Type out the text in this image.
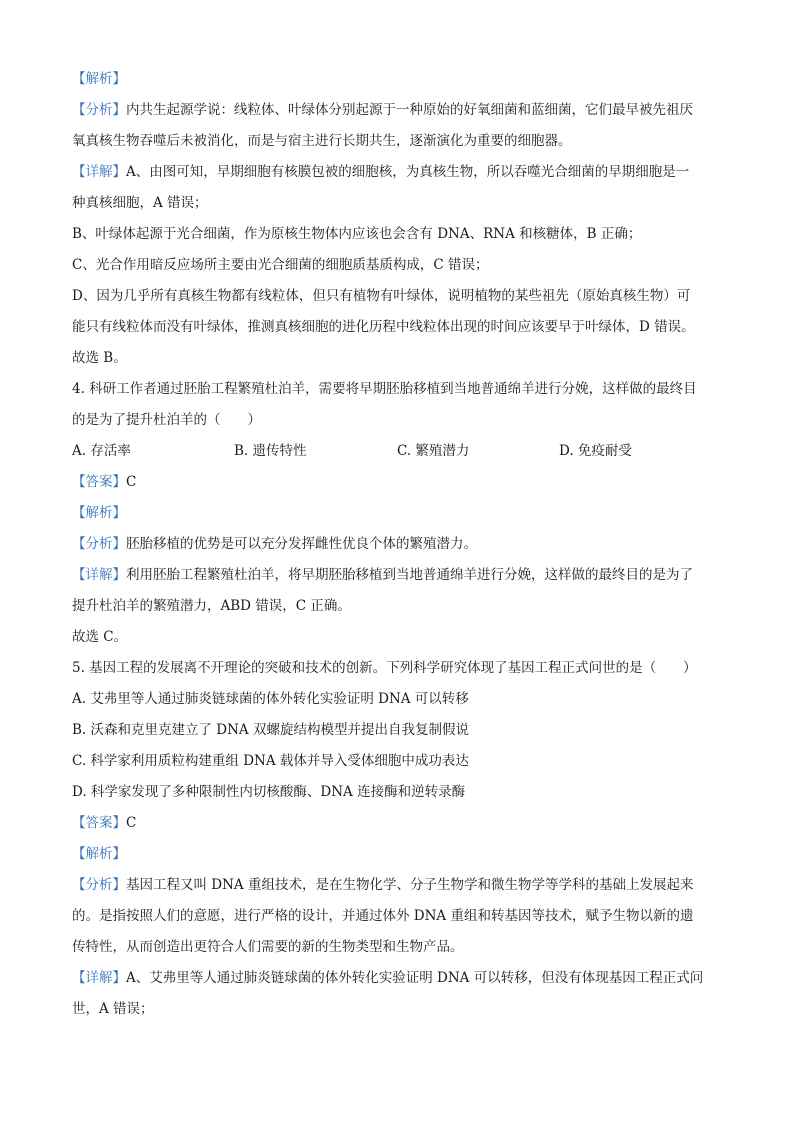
【解析】
【分析】内共生起源学说：线粒体、叶绿体分别起源于一种原始的好氧细菌和蓝细菌，它们最早被先祖厌
氧真核生物吞噬后未被消化，而是与宿主进行长期共生，逐渐演化为重要的细胞器。
【详解】A、由图可知，早期细胞有核膜包被的细胞核，为真核生物，所以吞噬光合细菌的早期细胞是一
种真核细胞，A 错误；
B、叶绿体起源于光合细菌，作为原核生物体内应该也会含有 DNA、RNA 和核糖体，B 正确；
C、光合作用暗反应场所主要由光合细菌的细胞质基质构成，C 错误；
D、因为几乎所有真核生物都有线粒体，但只有植物有叶绿体，说明植物的某些祖先（原始真核生物）可
能只有线粒体而没有叶绿体，推测真核细胞的进化历程中线粒体出现的时间应该要早于叶绿体，D 错误。
故选 B。
4. 科研工作者通过胚胎工程繁殖杜泊羊，需要将早期胚胎移植到当地普通绵羊进行分娩，这样做的最终目
的是为了提升杜泊羊的（　　）
A. 存活率	B. 遗传特性	C. 繁殖潜力	D. 免疫耐受
【答案】C
【解析】
【分析】胚胎移植的优势是可以充分发挥雌性优良个体的繁殖潜力。
【详解】利用胚胎工程繁殖杜泊羊，将早期胚胎移植到当地普通绵羊进行分娩，这样做的最终目的是为了
提升杜泊羊的繁殖潜力，ABD 错误，C 正确。
故选 C。
5. 基因工程的发展离不开理论的突破和技术的创新。下列科学研究体现了基因工程正式问世的是（　　）
A. 艾弗里等人通过肺炎链球菌的体外转化实验证明 DNA 可以转移
B. 沃森和克里克建立了 DNA 双螺旋结构模型并提出自我复制假说
C. 科学家利用质粒构建重组 DNA 载体并导入受体细胞中成功表达
D. 科学家发现了多种限制性内切核酸酶、DNA 连接酶和逆转录酶
【答案】C
【解析】
【分析】基因工程又叫 DNA 重组技术，是在生物化学、分子生物学和微生物学等学科的基础上发展起来
的。是指按照人们的意愿，进行严格的设计，并通过体外 DNA 重组和转基因等技术，赋予生物以新的遗
传特性，从而创造出更符合人们需要的新的生物类型和生物产品。
【详解】A、艾弗里等人通过肺炎链球菌的体外转化实验证明 DNA 可以转移，但没有体现基因工程正式问
世，A 错误；
